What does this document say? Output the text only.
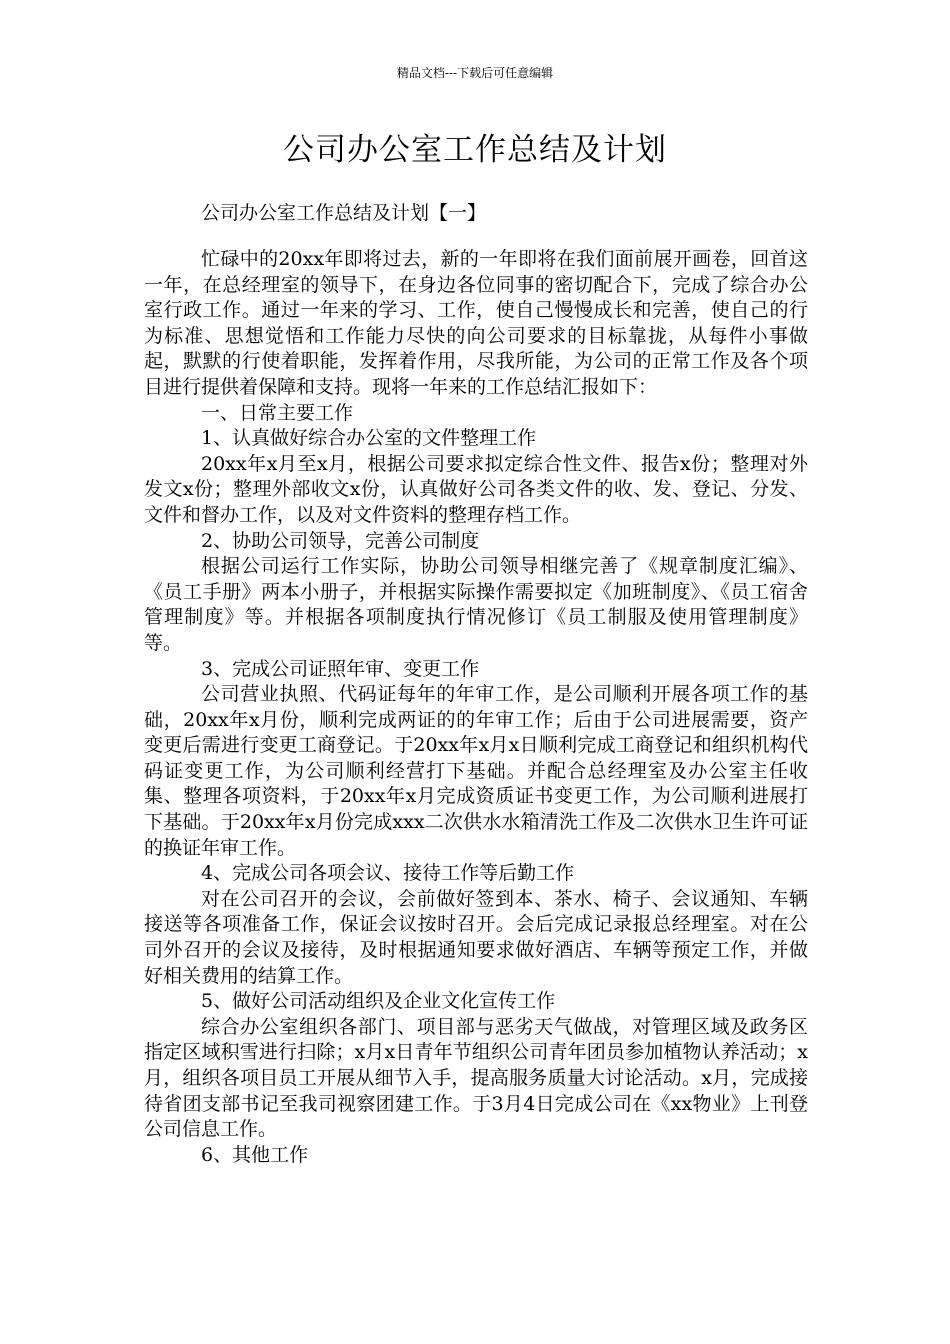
精品文档---下载后可任意编辑
公司办公室工作总结及计划
公司办公室工作总结及计划【一】

忙碌中的20xx年即将过去，新的一年即将在我们面前展开画卷，回首这一年，在总经理室的领导下，在身边各位同事的密切配合下，完成了综合办公室行政工作。通过一年来的学习、工作，使自己慢慢成长和完善，使自己的行为标准、思想觉悟和工作能力尽快的向公司要求的目标靠拢，从每件小事做起，默默的行使着职能，发挥着作用，尽我所能，为公司的正常工作及各个项目进行提供着保障和支持。现将一年来的工作总结汇报如下：

一、日常主要工作

1、认真做好综合办公室的文件整理工作

20xx年x月至x月，根据公司要求拟定综合性文件、报告x份；整理对外发文x份；整理外部收文x份，认真做好公司各类文件的收、发、登记、分发、文件和督办工作，以及对文件资料的整理存档工作。

2、协助公司领导，完善公司制度

根据公司运行工作实际，协助公司领导相继完善了《规章制度汇编》、《员工手册》两本小册子，并根据实际操作需要拟定《加班制度》、《员工宿舍管理制度》等。并根据各项制度执行情况修订《员工制服及使用管理制度》等。

3、完成公司证照年审、变更工作

公司营业执照、代码证每年的年审工作，是公司顺利开展各项工作的基础，20xx年x月份，顺利完成两证的的年审工作；后由于公司进展需要，资产变更后需进行变更工商登记。于20xx年x月x日顺利完成工商登记和组织机构代码证变更工作，为公司顺利经营打下基础。并配合总经理室及办公室主任收集、整理各项资料，于20xx年x月完成资质证书变更工作，为公司顺利进展打下基础。于20xx年x月份完成xxx二次供水水箱清洗工作及二次供水卫生许可证的换证年审工作。

4、完成公司各项会议、接待工作等后勤工作

对在公司召开的会议，会前做好签到本、茶水、椅子、会议通知、车辆接送等各项准备工作，保证会议按时召开。会后完成记录报总经理室。对在公司外召开的会议及接待，及时根据通知要求做好酒店、车辆等预定工作，并做好相关费用的结算工作。

5、做好公司活动组织及企业文化宣传工作

综合办公室组织各部门、项目部与恶劣天气做战，对管理区域及政务区指定区域积雪进行扫除；x月x日青年节组织公司青年团员参加植物认养活动；x月，组织各项目员工开展从细节入手，提高服务质量大讨论活动。x月，完成接待省团支部书记至我司视察团建工作。于3月4日完成公司在《xx物业》上刊登公司信息工作。

6、其他工作
